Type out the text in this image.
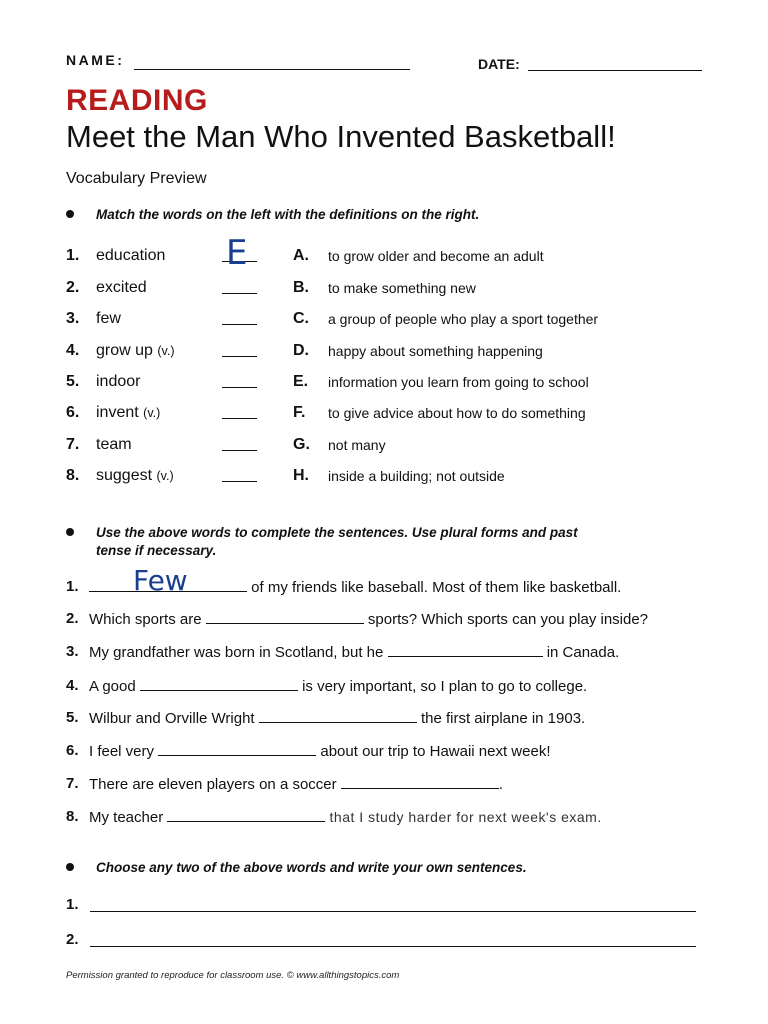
NAME:	DATE:
READING
Meet the Man Who Invented Basketball!
Vocabulary Preview
Match the words on the left with the definitions on the right.
1. education E	A. to grow older and become an adult
2. excited	B. to make something new
3. few	C. a group of people who play a sport together
4. grow up (v.)	D. happy about something happening
5. indoor	E. information you learn from going to school
6. invent (v.)	F. to give advice about how to do something
7. team	G. not many
8. suggest (v.)	H. inside a building; not outside
Use the above words to complete the sentences. Use plural forms and past
tense if necessary.
1.	of my friends like baseball. Most of them like basketball.
Few
2. Which sports are	sports? Which sports can you play inside?
3. My grandfather was born in Scotland, but he	in Canada.
4. A good	is very important, so I plan to go to college.
5. Wilbur and Orville Wright	the first airplane in 1903.
6. I feel very	about our trip to Hawaii next week!
7. There are eleven players on a soccer	.
8. My teacher	that I study harder for next week's exam.
Choose any two of the above words and write your own sentences.
1.
2.
Permission granted to reproduce for classroom use. © www.allthingstopics.com
